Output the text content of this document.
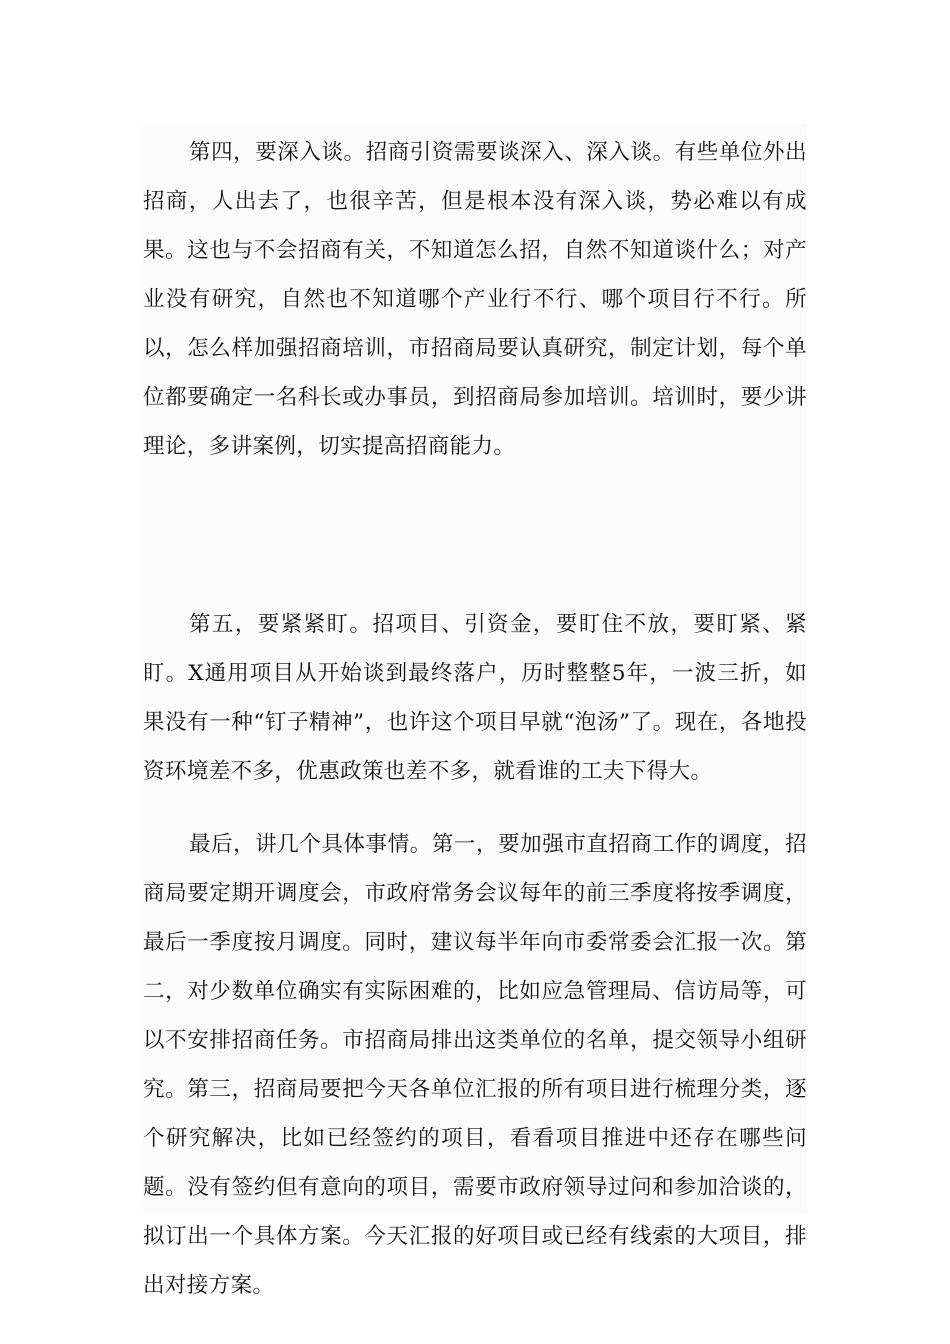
第四，要深入谈。招商引资需要谈深入、深入谈。有些单位外出招商，人出去了，也很辛苦，但是根本没有深入谈，势必难以有成果。这也与不会招商有关，不知道怎么招，自然不知道谈什么；对产业没有研究，自然也不知道哪个产业行不行、哪个项目行不行。所以，怎么样加强招商培训，市招商局要认真研究，制定计划，每个单位都要确定一名科长或办事员，到招商局参加培训。培训时，要少讲理论，多讲案例，切实提高招商能力。

第五，要紧紧盯。招项目、引资金，要盯住不放，要盯紧、紧盯。X通用项目从开始谈到最终落户，历时整整5年，一波三折，如果没有一种“钉子精神”，也许这个项目早就“泡汤”了。现在，各地投资环境差不多，优惠政策也差不多，就看谁的工夫下得大。

最后，讲几个具体事情。第一，要加强市直招商工作的调度，招商局要定期开调度会，市政府常务会议每年的前三季度将按季调度，最后一季度按月调度。同时，建议每半年向市委常委会汇报一次。第二，对少数单位确实有实际困难的，比如应急管理局、信访局等，可以不安排招商任务。市招商局排出这类单位的名单，提交领导小组研究。第三，招商局要把今天各单位汇报的所有项目进行梳理分类，逐个研究解决，比如已经签约的项目，看看项目推进中还存在哪些问题。没有签约但有意向的项目，需要市政府领导过问和参加洽谈的，拟订出一个具体方案。今天汇报的好项目或已经有线索的大项目，排出对接方案。
